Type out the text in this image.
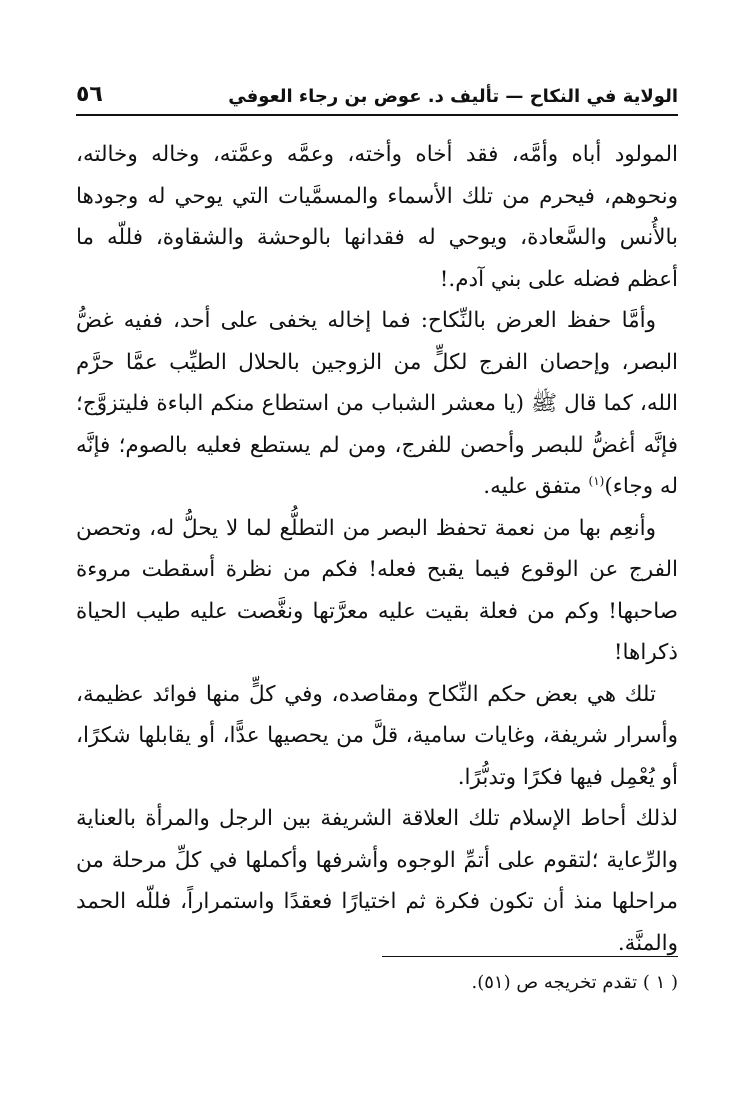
الولاية في النكاح — تأليف د. عوض بن رجاء العوفي
٥٦

المولود أباه وأمَّه، فقد أخاه وأخته، وعمَّه وعمَّته، وخاله وخالته، ونحوهم، فيحرم من تلك الأسماء والمسمَّيات التي يوحي له وجودها بالأُنس والسَّعادة، ويوحي له فقدانها بالوحشة والشقاوة، فللّه ما أعظم فضله على بني آدم.!

وأمَّا حفظ العرض بالنِّكاح: فما إخاله يخفى على أحد، ففيه غضُّ البصر، وإحصان الفرج لكلٍّ من الزوجين بالحلال الطيِّب عمَّا حرَّم الله، كما قال ﷺ (يا معشر الشباب من استطاع منكم الباءة فليتزوَّج؛ فإنَّه أغضُّ للبصر وأحصن للفرج، ومن لم يستطع فعليه بالصوم؛ فإنَّه له وجاء)$^{(١)}$ متفق عليه.

وأنعِم بها من نعمة تحفظ البصر من التطلُّع لما لا يحلُّ له، وتحصن الفرج عن الوقوع فيما يقبح فعله! فكم من نظرة أسقطت مروءة صاحبها! وكم من فعلة بقيت عليه معرَّتها ونغَّصت عليه طيب الحياة ذكراها!

تلك هي بعض حكم النِّكاح ومقاصده، وفي كلٍّ منها فوائد عظيمة، وأسرار شريفة، وغايات سامية، قلَّ من يحصيها عدًّا، أو يقابلها شكرًا، أو يُعْمِل فيها فكرًا وتدبُّرًا.

لذلك أحاط الإسلام تلك العلاقة الشريفة بين الرجل والمرأة بالعناية والرِّعاية ؛لتقوم على أتمِّ الوجوه وأشرفها وأكملها في كلِّ مرحلة من مراحلها منذ أن تكون فكرة ثم اختيارًا فعقدًا واستمراراً، فللّه الحمد والمنَّة.

( ١ ) تقدم تخريجه ص (٥١).
